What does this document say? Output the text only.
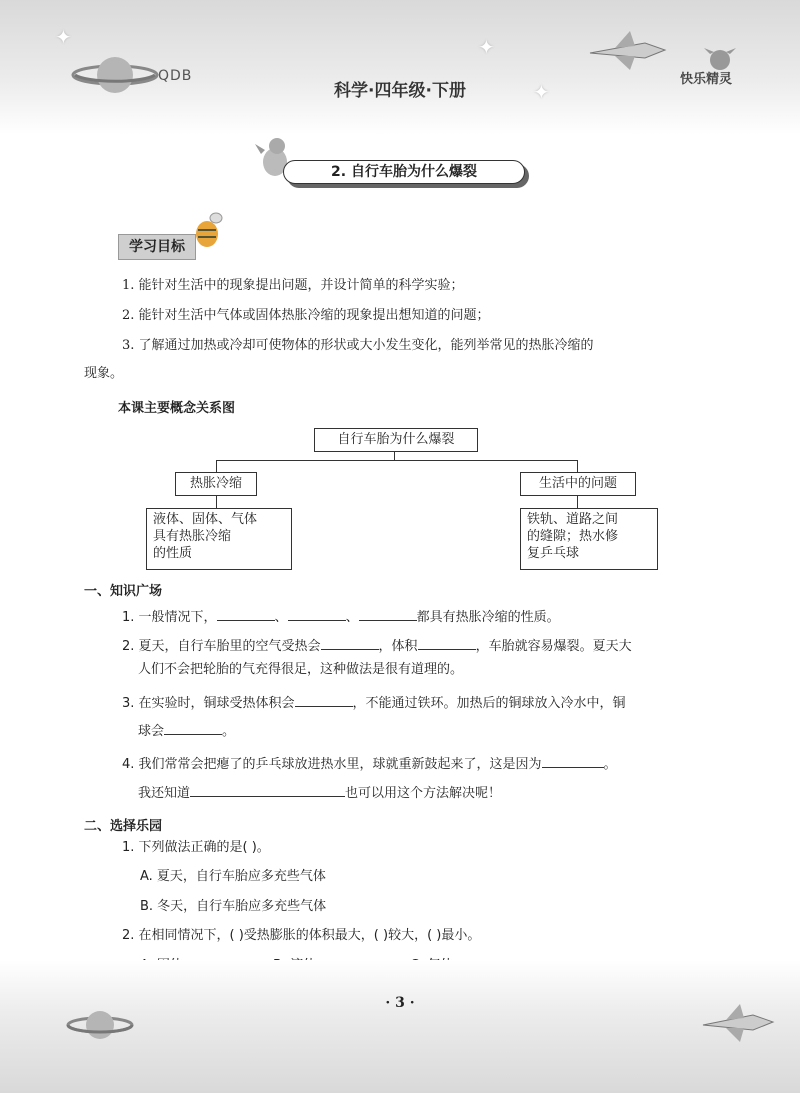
QDB
科学·四年级·下册
快乐精灵
✦	✦
✦
2. 自行车胎为什么爆裂
学习目标
1. 能针对生活中的现象提出问题，并设计简单的科学实验；
2. 能针对生活中气体或固体热胀冷缩的现象提出想知道的问题；
3. 了解通过加热或冷却可使物体的形状或大小发生变化，能列举常见的热胀冷缩的
现象。
本课主要概念关系图
自行车胎为什么爆裂
热胀冷缩	生活中的问题
液体、固体、气体
具有热胀冷缩
的性质
铁轨、道路之间
的缝隙；热水修
复乒乓球
一、知识广场
1. 一般情况下，	、	、	都具有热胀冷缩的性质。
2. 夏天，自行车胎里的空气受热会	，体积	，车胎就容易爆裂。夏天大
人们不会把轮胎的气充得很足，这种做法是很有道理的。
3. 在实验时，铜球受热体积会	，不能通过铁环。加热后的铜球放入冷水中，铜
球会	。
4. 我们常常会把瘪了的乒乓球放进热水里，球就重新鼓起来了，这是因为	。
我还知道	也可以用这个方法解决呢！
二、选择乐园
1. 下列做法正确的是( )。
A. 夏天，自行车胎应多充些气体
B. 冬天，自行车胎应多充些气体
2. 在相同情况下，( )受热膨胀的体积最大，( )较大，( )最小。
· 3 ·
